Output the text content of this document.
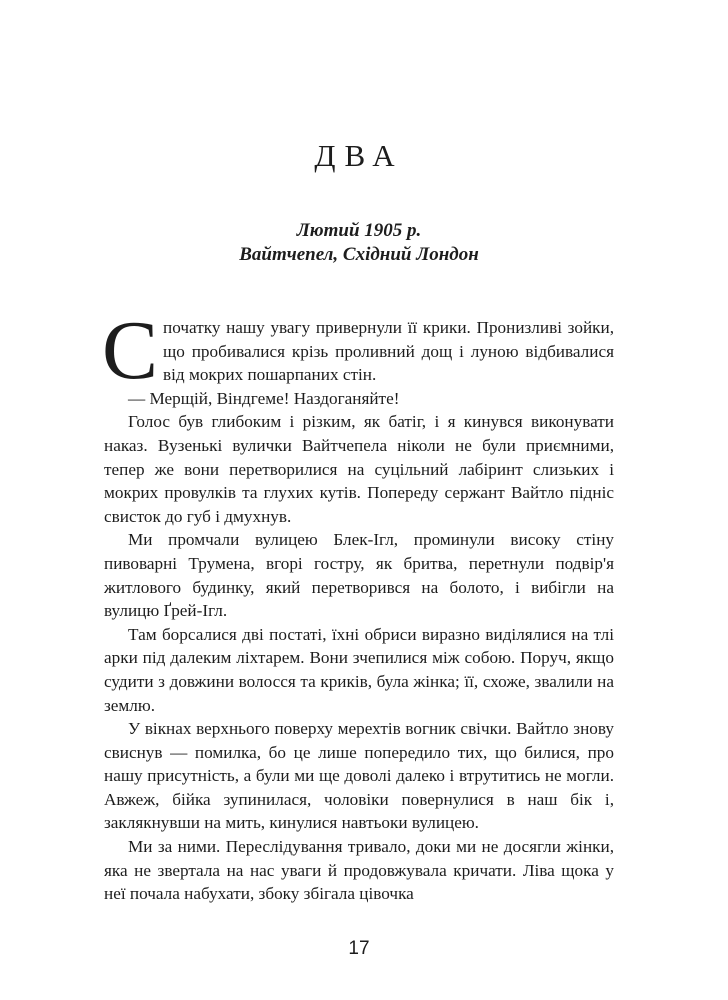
ДВА
Лютий 1905 р.
Вайтчепел, Східний Лондон

Спочатку нашу увагу привернули її крики. Пронизливі зойки, що пробивалися крізь проливний дощ і луною відбивалися від мокрих пошарпаних стін.

— Мерщій, Віндгеме! Наздоганяйте!

Голос був глибоким і різким, як батіг, і я кинувся виконувати наказ. Вузенькі вулички Вайтчепела ніколи не були приємними, тепер же вони перетворилися на суцільний лабіринт слизьких і мокрих провулків та глухих кутів. Попереду сержант Вайтло підніс свисток до губ і дмухнув.

Ми промчали вулицею Блек-Ігл, проминули високу стіну пивоварні Трумена, вгорі гостру, як бритва, перетнули подвір'я житлового будинку, який перетворився на болото, і вибігли на вулицю Ґрей-Ігл.

Там борсалися дві постаті, їхні обриси виразно виділялися на тлі арки під далеким ліхтарем. Вони зчепилися між собою. Поруч, якщо судити з довжини волосся та криків, була жінка; її, схоже, звалили на землю.

У вікнах верхнього поверху мерехтів вогник свічки. Вайтло знову свиснув — помилка, бо це лише попередило тих, що билися, про нашу присутність, а були ми ще доволі далеко і втрутитись не могли. Авжеж, бійка зупинилася, чоловіки повернулися в наш бік і, заклякнувши на мить, кинулися навтьоки вулицею.

Ми за ними. Переслідування тривало, доки ми не досягли жінки, яка не звертала на нас уваги й продовжувала кричати. Ліва щока у неї почала набухати, збоку збігала цівочка

17
